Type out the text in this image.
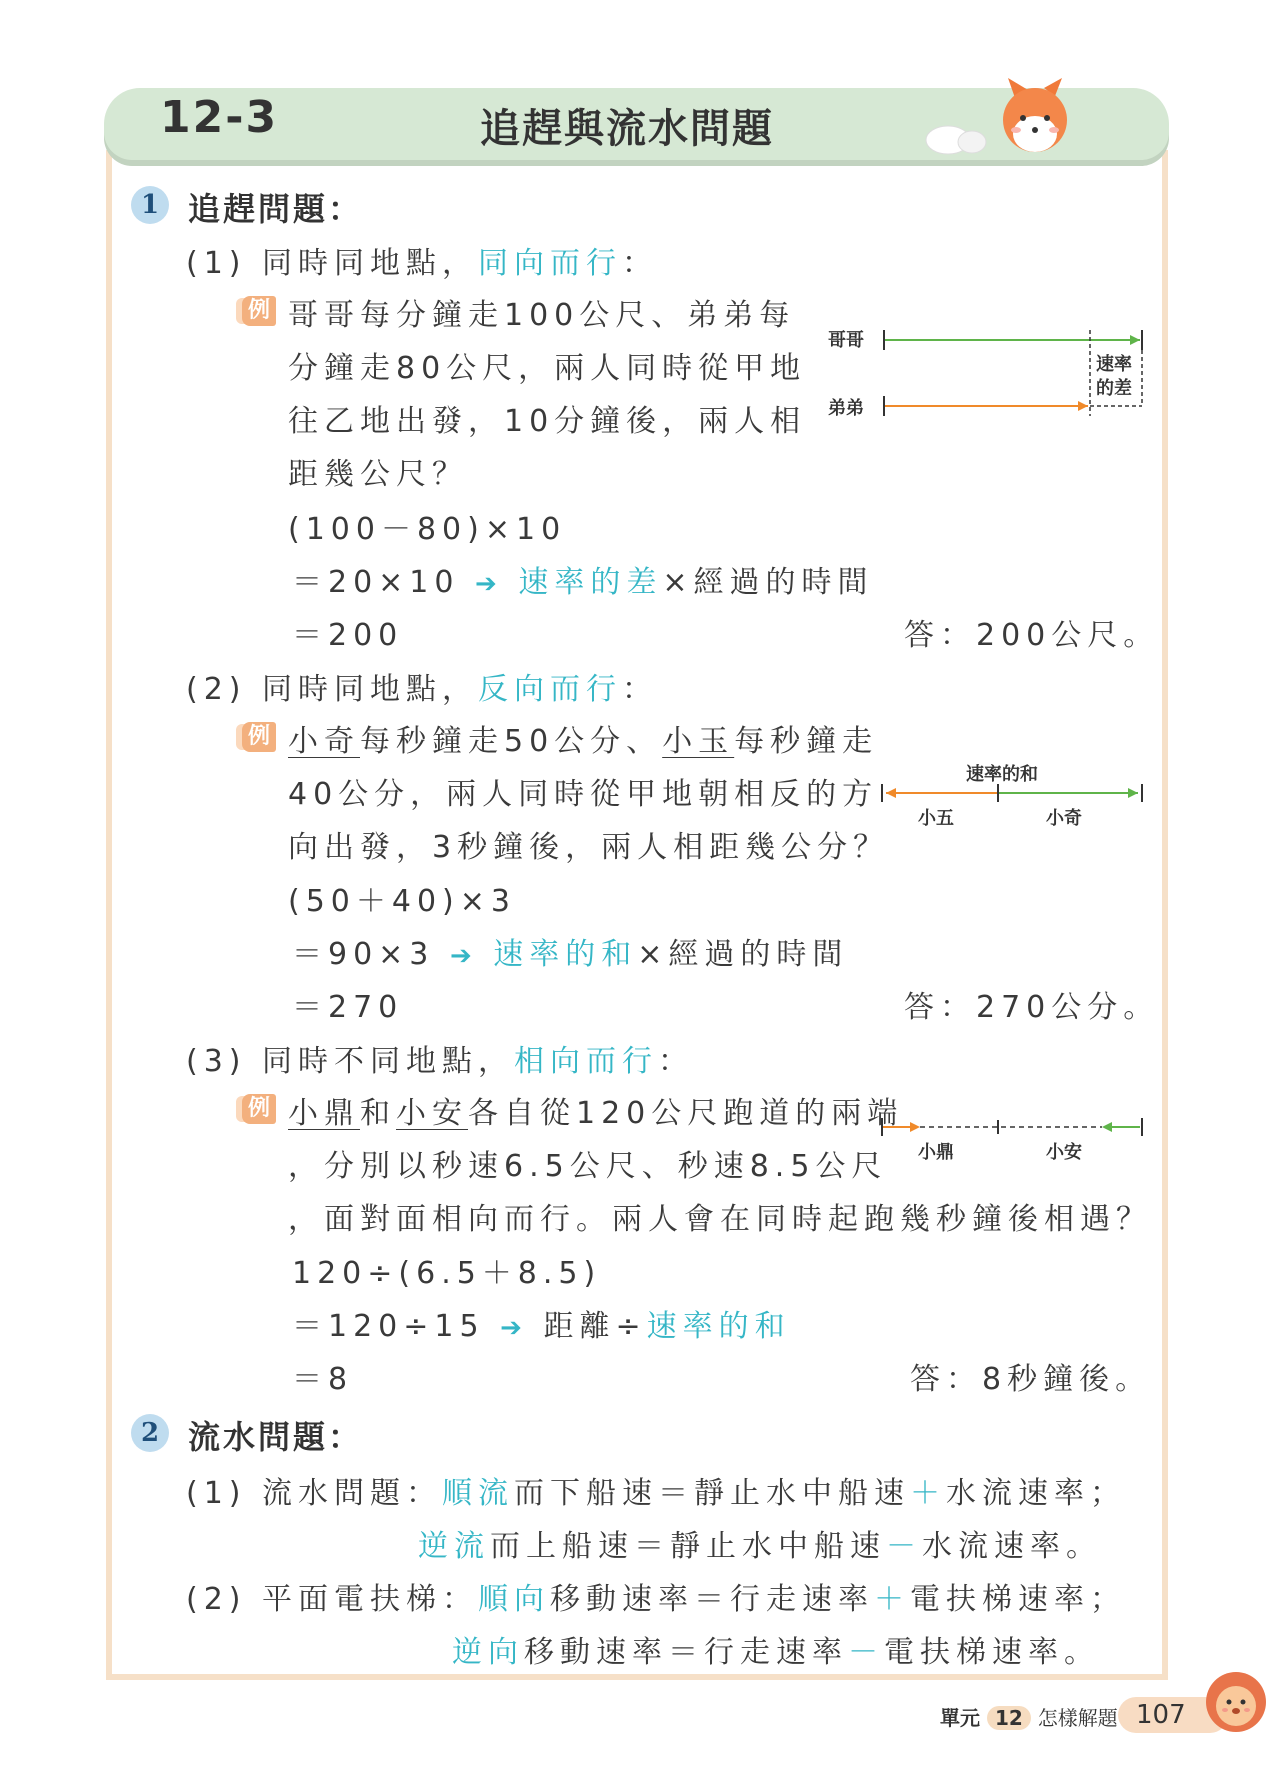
12-3	追趕與流水問題
1 追趕問題：
(1) 同時同地點，同向而行：
例 哥哥每分鐘走100公尺、弟弟每
分鐘走80公尺，兩人同時從甲地
往乙地出發，10分鐘後，兩人相
距幾公尺？
(100－80)×10
＝20×10 ➔ 速率的差×經過的時間
＝200	答：200公尺。
哥哥
弟弟
速率
的差
(2) 同時同地點，反向而行：
例 小奇每秒鐘走50公分、小玉每秒鐘走
40公分，兩人同時從甲地朝相反的方
向出發，3秒鐘後，兩人相距幾公分？
(50＋40)×3
＝90×3 ➔ 速率的和×經過的時間
＝270	答：270公分。
速率的和
小五	小奇
(3) 同時不同地點，相向而行：
例 小鼎和小安各自從120公尺跑道的兩端
，分別以秒速6.5公尺、秒速8.5公尺
，面對面相向而行。兩人會在同時起跑幾秒鐘後相遇？
120÷(6.5＋8.5)
＝120÷15 ➔ 距離÷速率的和
＝8	答：8秒鐘後。
小鼎	小安
2 流水問題：
(1) 流水問題：順流而下船速＝靜止水中船速＋水流速率；
逆流而上船速＝靜止水中船速－水流速率。
(2) 平面電扶梯：順向移動速率＝行走速率＋電扶梯速率；
逆向移動速率＝行走速率－電扶梯速率。
單元 12 怎樣解題 107
